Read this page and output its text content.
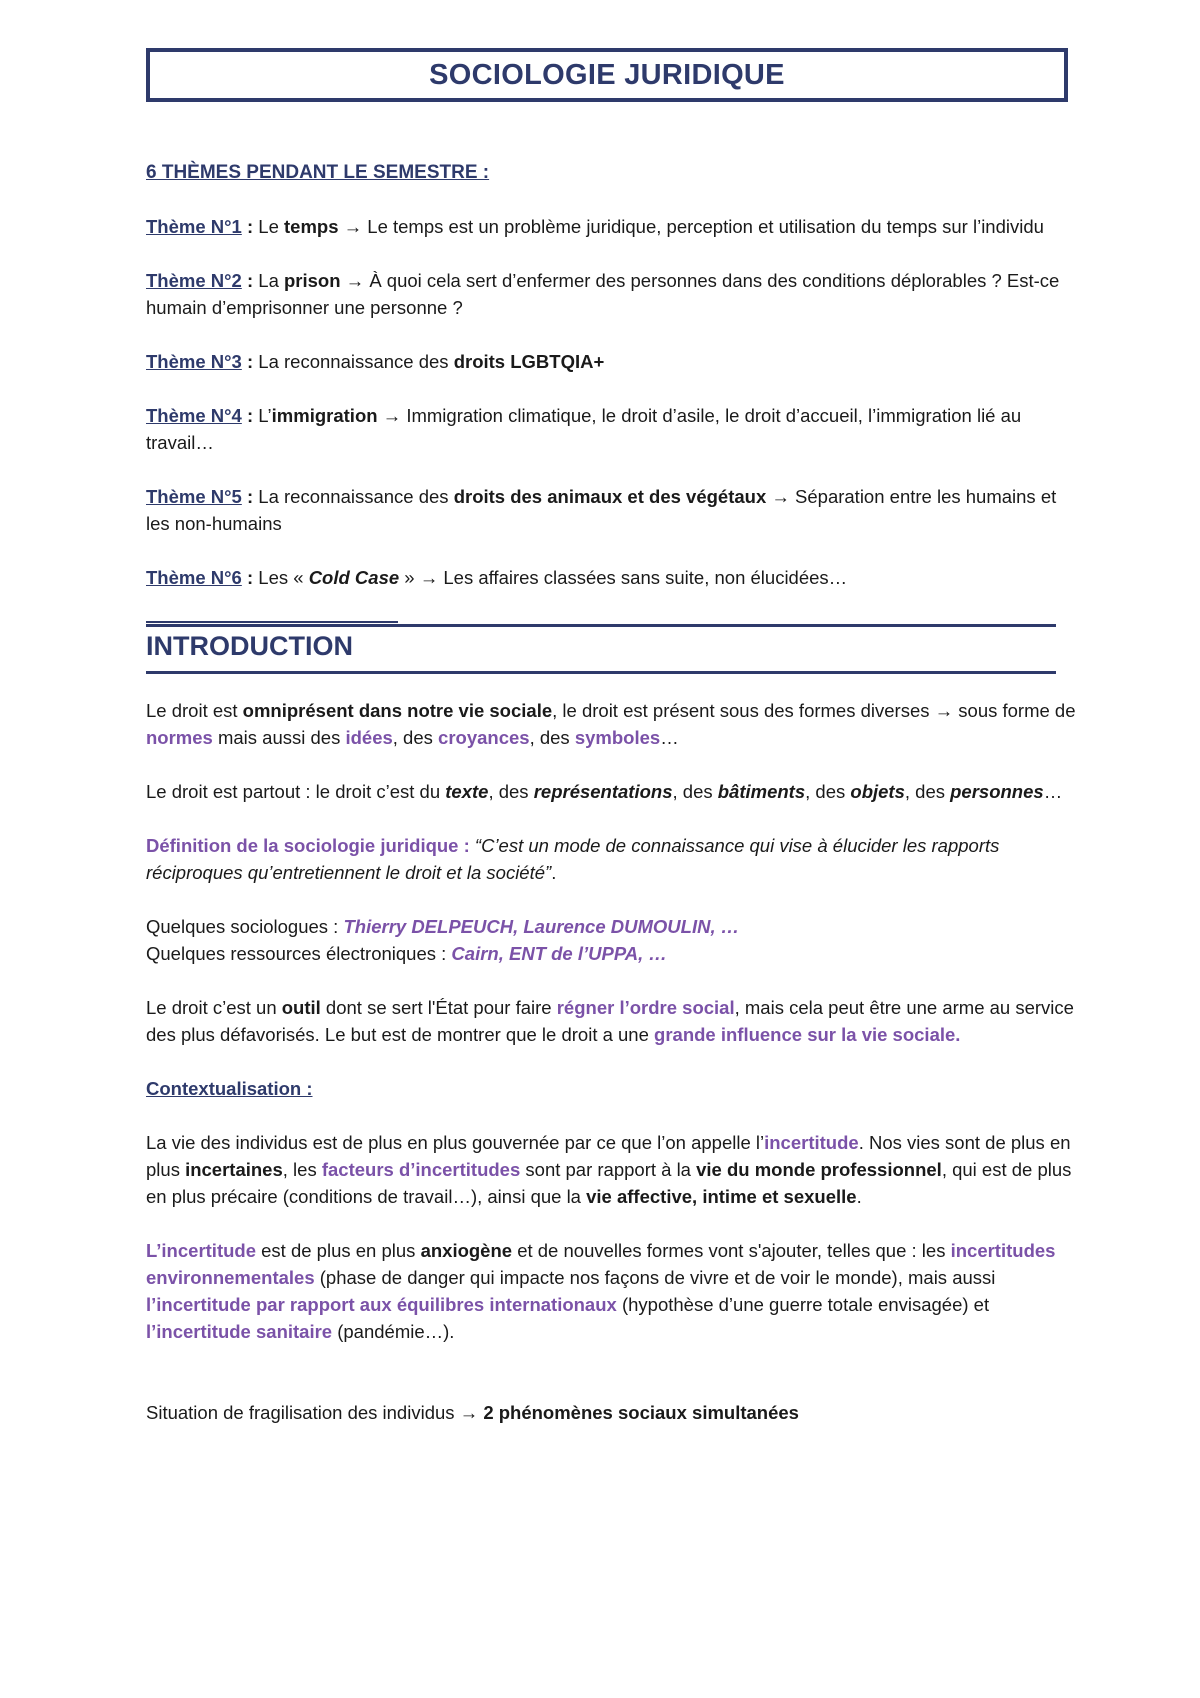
SOCIOLOGIE JURIDIQUE

6 THÈMES PENDANT LE SEMESTRE :

Thème N°1 : Le temps → Le temps est un problème juridique, perception et utilisation du temps sur l’individu

Thème N°2 : La prison → À quoi cela sert d’enfermer des personnes dans des conditions déplorables ? Est-ce humain d’emprisonner une personne ?

Thème N°3 : La reconnaissance des droits LGBTQIA+

Thème N°4 : L’immigration → Immigration climatique, le droit d’asile, le droit d’accueil, l’immigration lié au travail…

Thème N°5 : La reconnaissance des droits des animaux et des végétaux → Séparation entre les humains et les non-humains

Thème N°6 : Les « Cold Case » → Les affaires classées sans suite, non élucidées…

INTRODUCTION

Le droit est omniprésent dans notre vie sociale, le droit est présent sous des formes diverses → sous forme de normes mais aussi des idées, des croyances, des symboles…

Le droit est partout : le droit c’est du texte, des représentations, des bâtiments, des objets, des personnes…

Définition de la sociologie juridique : “C’est un mode de connaissance qui vise à élucider les rapports réciproques qu’entretiennent le droit et la société”.

Quelques sociologues : Thierry DELPEUCH, Laurence DUMOULIN, …

Quelques ressources électroniques : Cairn, ENT de l’UPPA, …

Le droit c’est un outil dont se sert l'État pour faire régner l’ordre social, mais cela peut être une arme au service des plus défavorisés. Le but est de montrer que le droit a une grande influence sur la vie sociale.

Contextualisation :

La vie des individus est de plus en plus gouvernée par ce que l’on appelle l’incertitude. Nos vies sont de plus en plus incertaines, les facteurs d’incertitudes sont par rapport à la vie du monde professionnel, qui est de plus en plus précaire (conditions de travail…), ainsi que la vie affective, intime et sexuelle.

L’incertitude est de plus en plus anxiogène et de nouvelles formes vont s'ajouter, telles que : les incertitudes environnementales (phase de danger qui impacte nos façons de vivre et de voir le monde), mais aussi l’incertitude par rapport aux équilibres internationaux (hypothèse d’une guerre totale envisagée) et l’incertitude sanitaire (pandémie…).

Situation de fragilisation des individus → 2 phénomènes sociaux simultanées
